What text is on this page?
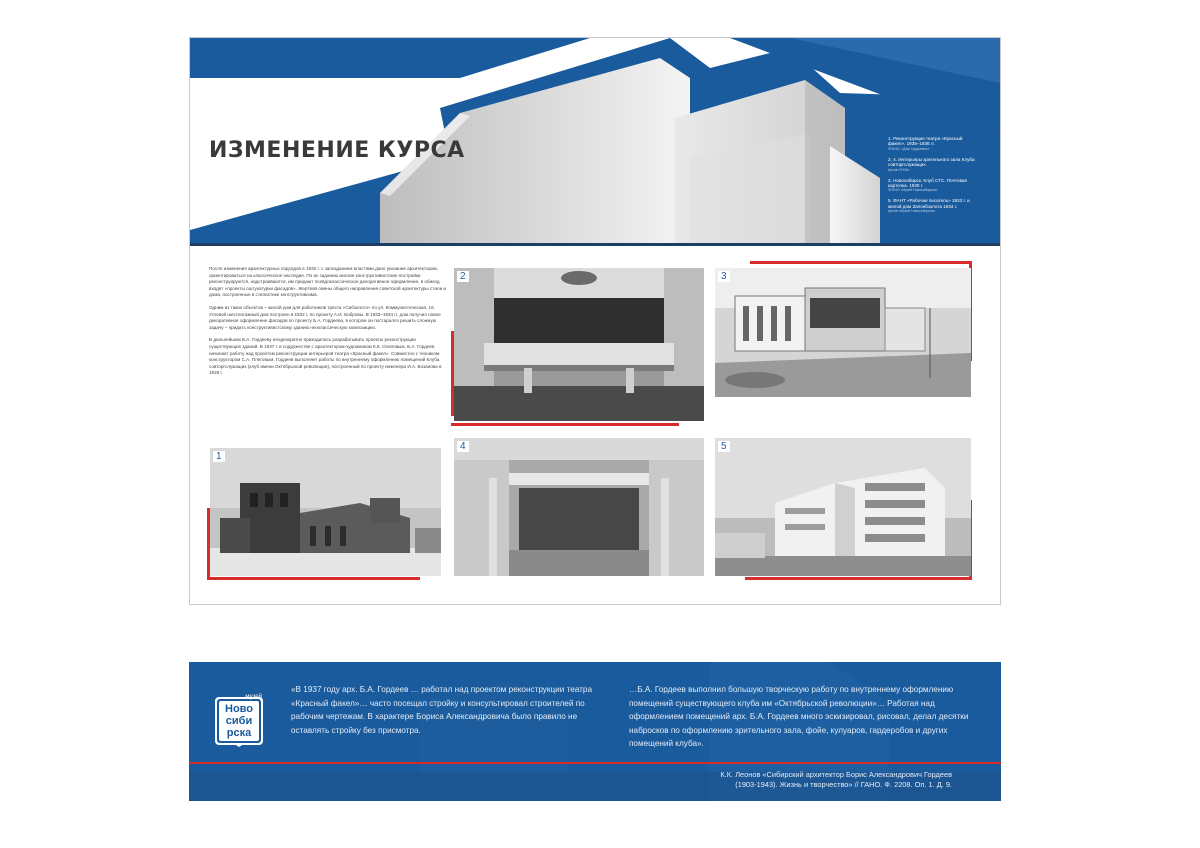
ИЗМЕНЕНИЕ КУРСА	1. Реконструкция театра «Красный факел». 1935–1936 гг.
ФГАНО. «Дом Гордеевых»
2, 4. Интерьеры зрительного зала Клуба совторгслужащих.
Архив НГКМ»
3. Новосибирск. Клуб СТС. Почтовая карточка. 1930 г.
ФГАНО «Музей Новосибирска»
5. ФАНТ «Рабочая писатель» 1933 г. и жилой дом Запсибзолота 1934 г.
Архив «Музей Новосибирска»

После изменения архитектурных подходов в 1932 г. с запозданием властями дано указание архитекторам, ориентироваться на классическое наследие. По их заданию многие конструктивистские постройки реконструируются, надстраиваются, им придают псевдоклассическое декоративное оформление, в обиход входят «проекты оштукатурки фасадов». Жертвой смены общего направления советской архитектуры стали и дома, построенные в стилистике конструктивизма.

Одним из таких объектов – жилой дом для работников треста «Сибзолото» по ул. Коммунистическая, 16. Угловой шестиэтажный дом построен в 1932 г. по проекту А.И. Бобровы. В 1933–1934 гг. дом получил новое декоративное оформление фасадов по проекту Б.А. Гордеева, в котором он постарался решить сложную задачу – придать конструктивистскому зданию неоклассическую композицию.

В дальнейшем Б.А. Гордееву неоднократно приходилось разрабатывать проекты реконструкции существующих зданий. В 1937 г. в содружестве с архитектором-художником К.К. Осиповым, Б.А. Гордеев начинает работу над проектом реконструкции интерьеров театра «Красный факел». Совместно с техником-конструктором С.А. Плеговым, Гордеев выполняет работы по внутреннему оформлению помещений Клуба совторгслужащих (клуб имени Октябрьской революции), построенный по проекту инженера И.А. Бозанова в 1928 г.

1
2	3
4	5
музей
Ново
сиби
рска
«В 1937 году арх. Б.А. Гордеев … работал над проектом реконструкции театра «Красный факел»… часто посещал стройку и консультировал строителей по рабочим чертежам. В характере Бориса Александровича было правило не оставлять стройку без присмотра.
…Б.А. Гордеев выполнил большую творческую работу по внутреннему оформлению помещений существующего клуба им «Октябрьской революции»… Работая над оформлением помещений арх. Б.А. Гордеев много эскизировал, рисовал, делал десятки набросков по оформлению зрительного зала, фойе, кулуаров, гардеробов и других помещений клуба».
К.К. Леонов «Сибирский архитектор Борис Александрович Гордеев
(1903-1943). Жизнь и творчество» // ГАНО. Ф. 2208. Оп. 1. Д. 9.
